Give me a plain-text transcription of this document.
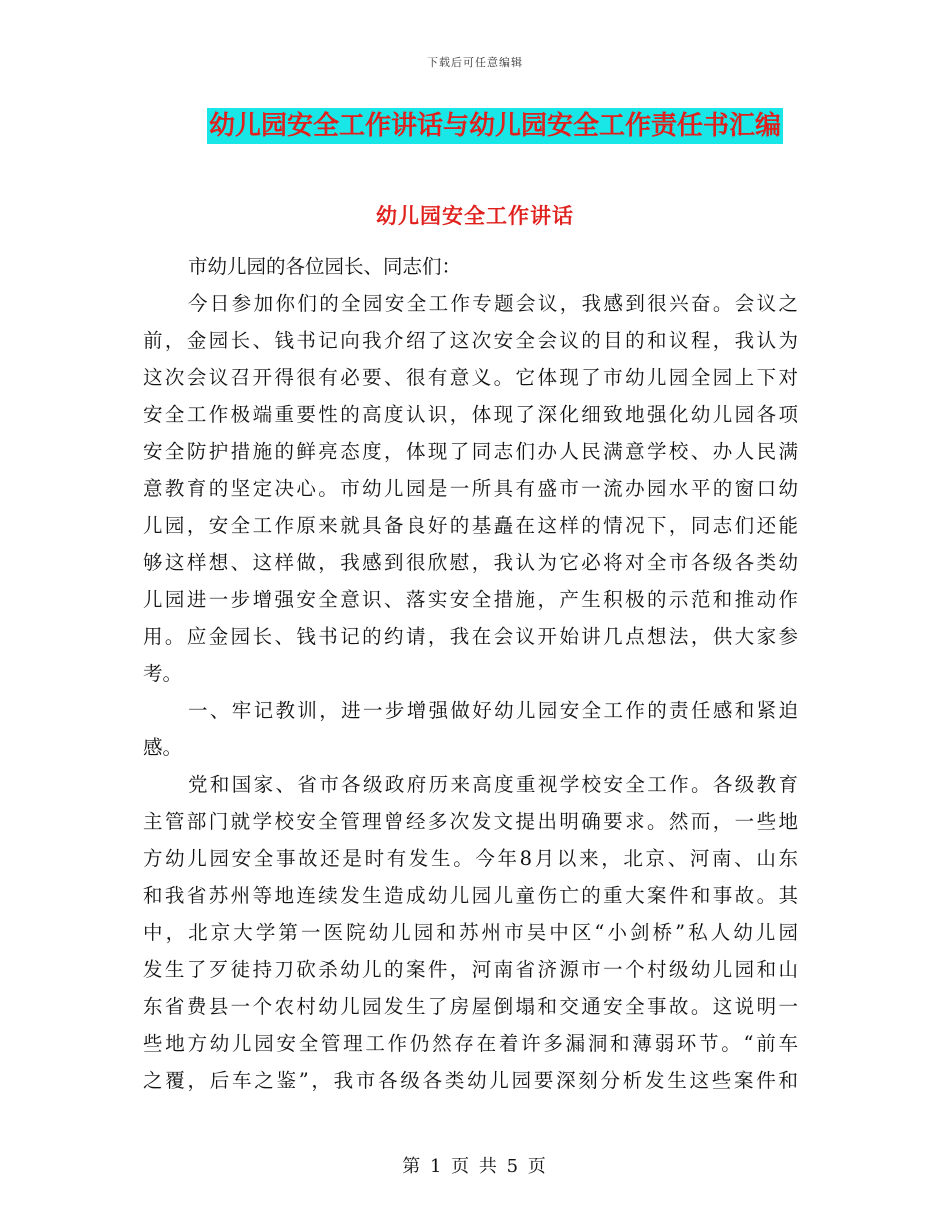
下载后可任意编辑
幼儿园安全工作讲话与幼儿园安全工作责任书汇编
幼儿园安全工作讲话
市幼儿园的各位园长、同志们：
今日参加你们的全园安全工作专题会议，我感到很兴奋。会议之
前，金园长、钱书记向我介绍了这次安全会议的目的和议程，我认为
这次会议召开得很有必要、很有意义。它体现了市幼儿园全园上下对
安全工作极端重要性的高度认识，体现了深化细致地强化幼儿园各项
安全防护措施的鲜亮态度，体现了同志们办人民满意学校、办人民满
意教育的坚定决心。市幼儿园是一所具有盛市一流办园水平的窗口幼
儿园，安全工作原来就具备良好的基矗在这样的情况下，同志们还能
够这样想、这样做，我感到很欣慰，我认为它必将对全市各级各类幼
儿园进一步增强安全意识、落实安全措施，产生积极的示范和推动作
用。应金园长、钱书记的约请，我在会议开始讲几点想法，供大家参
考。
一、牢记教训，进一步增强做好幼儿园安全工作的责任感和紧迫
感。
党和国家、省市各级政府历来高度重视学校安全工作。各级教育
主管部门就学校安全管理曾经多次发文提出明确要求。然而，一些地
方幼儿园安全事故还是时有发生。今年8月以来，北京、河南、山东
和我省苏州等地连续发生造成幼儿园儿童伤亡的重大案件和事故。其
中，北京大学第一医院幼儿园和苏州市吴中区“小剑桥”私人幼儿园
发生了歹徒持刀砍杀幼儿的案件，河南省济源市一个村级幼儿园和山
东省费县一个农村幼儿园发生了房屋倒塌和交通安全事故。这说明一
些地方幼儿园安全管理工作仍然存在着许多漏洞和薄弱环节。“前车
之覆，后车之鉴”，我市各级各类幼儿园要深刻分析发生这些案件和
第 1 页 共 5 页
